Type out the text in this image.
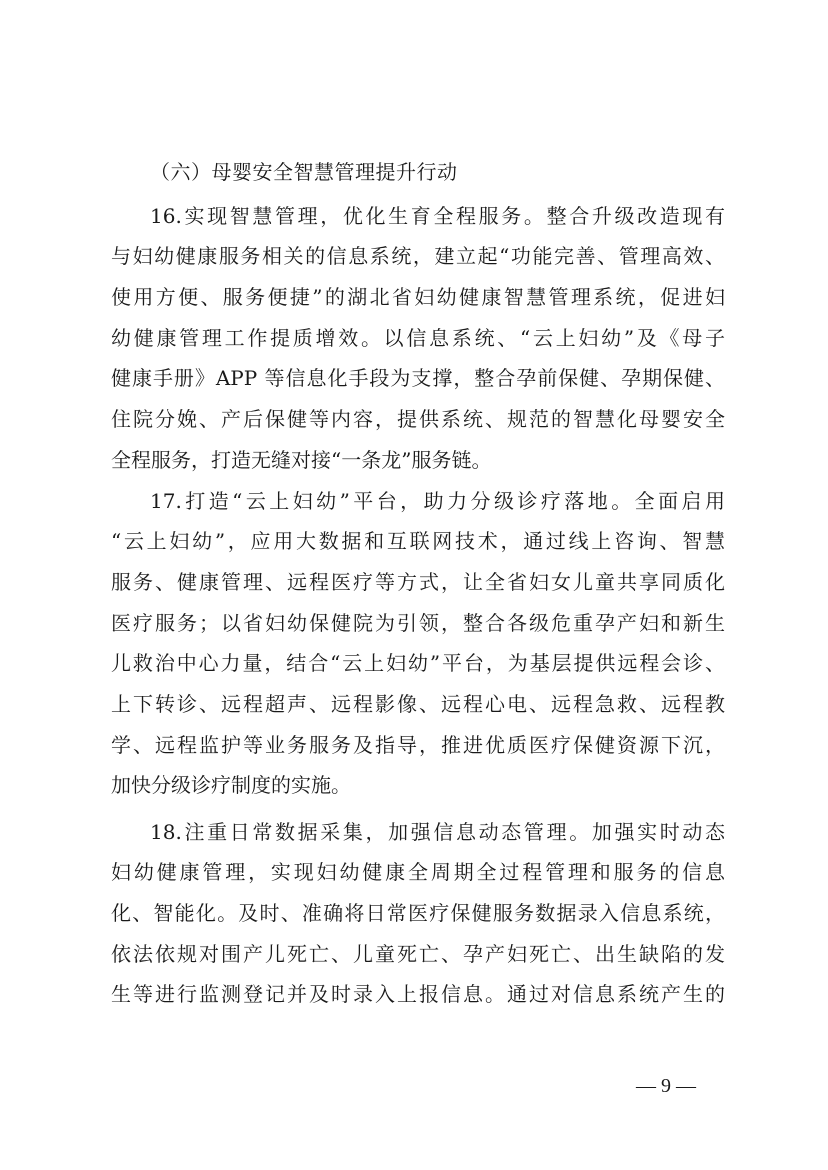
（六）母婴安全智慧管理提升行动
16.实现智慧管理，优化生育全程服务。整合升级改造现有
与妇幼健康服务相关的信息系统，建立起“功能完善、管理高效、
使用方便、服务便捷”的湖北省妇幼健康智慧管理系统，促进妇
幼健康管理工作提质增效。以信息系统、“云上妇幼”及《母子
健康手册》APP 等信息化手段为支撑，整合孕前保健、孕期保健、
住院分娩、产后保健等内容，提供系统、规范的智慧化母婴安全
全程服务，打造无缝对接“一条龙”服务链。
17.打造“云上妇幼”平台，助力分级诊疗落地。全面启用
“云上妇幼”，应用大数据和互联网技术，通过线上咨询、智慧
服务、健康管理、远程医疗等方式，让全省妇女儿童共享同质化
医疗服务；以省妇幼保健院为引领，整合各级危重孕产妇和新生
儿救治中心力量，结合“云上妇幼”平台，为基层提供远程会诊、
上下转诊、远程超声、远程影像、远程心电、远程急救、远程教
学、远程监护等业务服务及指导，推进优质医疗保健资源下沉，
加快分级诊疗制度的实施。
18.注重日常数据采集，加强信息动态管理。加强实时动态
妇幼健康管理，实现妇幼健康全周期全过程管理和服务的信息
化、智能化。及时、准确将日常医疗保健服务数据录入信息系统，
依法依规对围产儿死亡、儿童死亡、孕产妇死亡、出生缺陷的发
生等进行监测登记并及时录入上报信息。通过对信息系统产生的
— 9 —
